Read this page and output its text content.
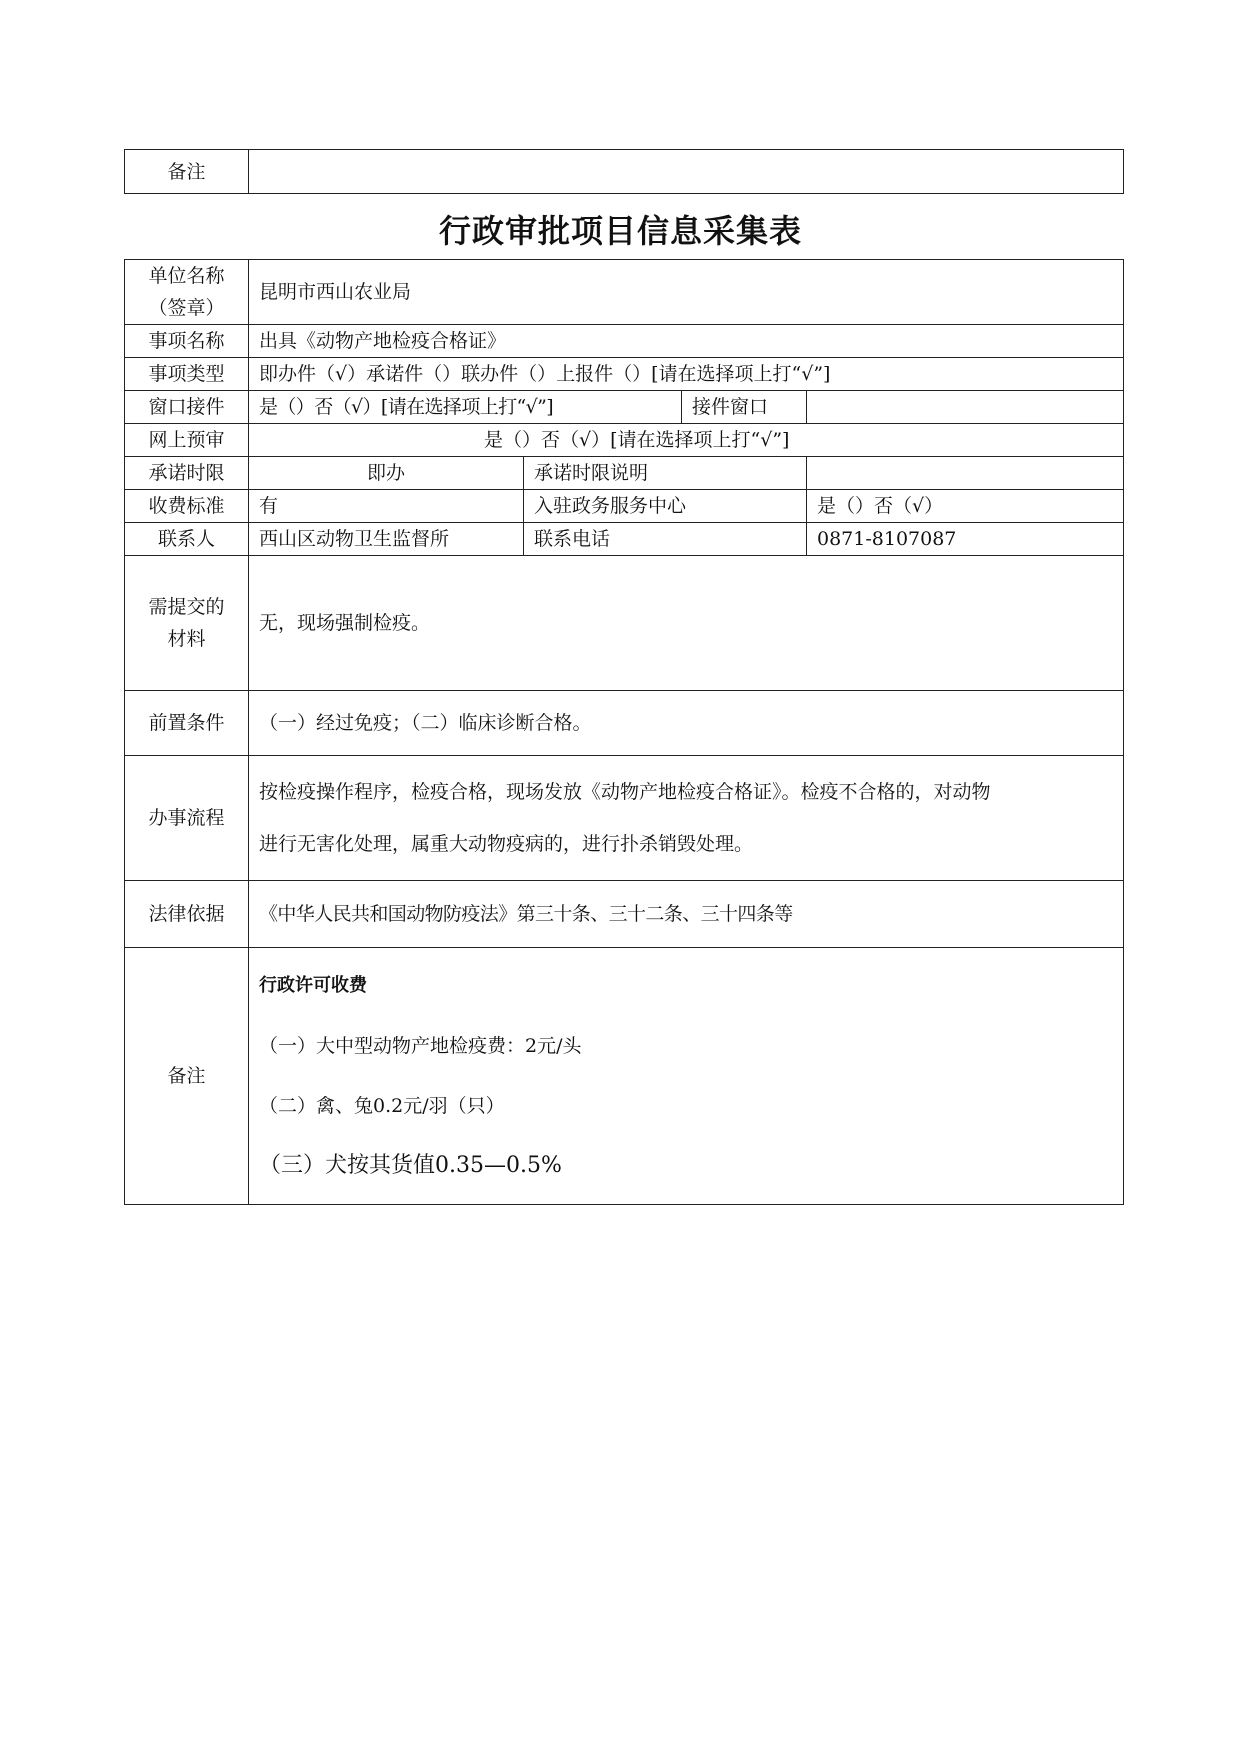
备注	
行政审批项目信息采集表
单位名称
（签章）	昆明市西山农业局			
事项名称	出具《动物产地检疫合格证》			
事项类型	即办件（√）承诺件（）联办件（）上报件（）[请在选择项上打“√”]			
窗口接件	是（）否（√）[请在选择项上打“√”]		接件窗口	
网上预审	是（）否（√）[请在选择项上打“√”]			
承诺时限	即办	承诺时限说明		
收费标准	有	入驻政务服务中心		是（）否（√）
联系人	西山区动物卫生监督所	联系电话		0871-8107087

需提交的
材料	无，现场强制检疫。			
前置条件	（一）经过免疫；（二）临床诊断合格。			
办事流程	按检疫操作程序，检疫合格，现场发放《动物产地检疫合格证》。检疫不合格的，对动物
进行无害化处理，属重大动物疫病的，进行扑杀销毁处理。			

法律依据	《中华人民共和国动物防疫法》第三十条、三十二条、三十四条等			
备注	行政许可收费
（一）大中型动物产地检疫费：2元/头
（二）禽、兔0.2元/羽（只）
（三）犬按其货值0.35—0.5%			
